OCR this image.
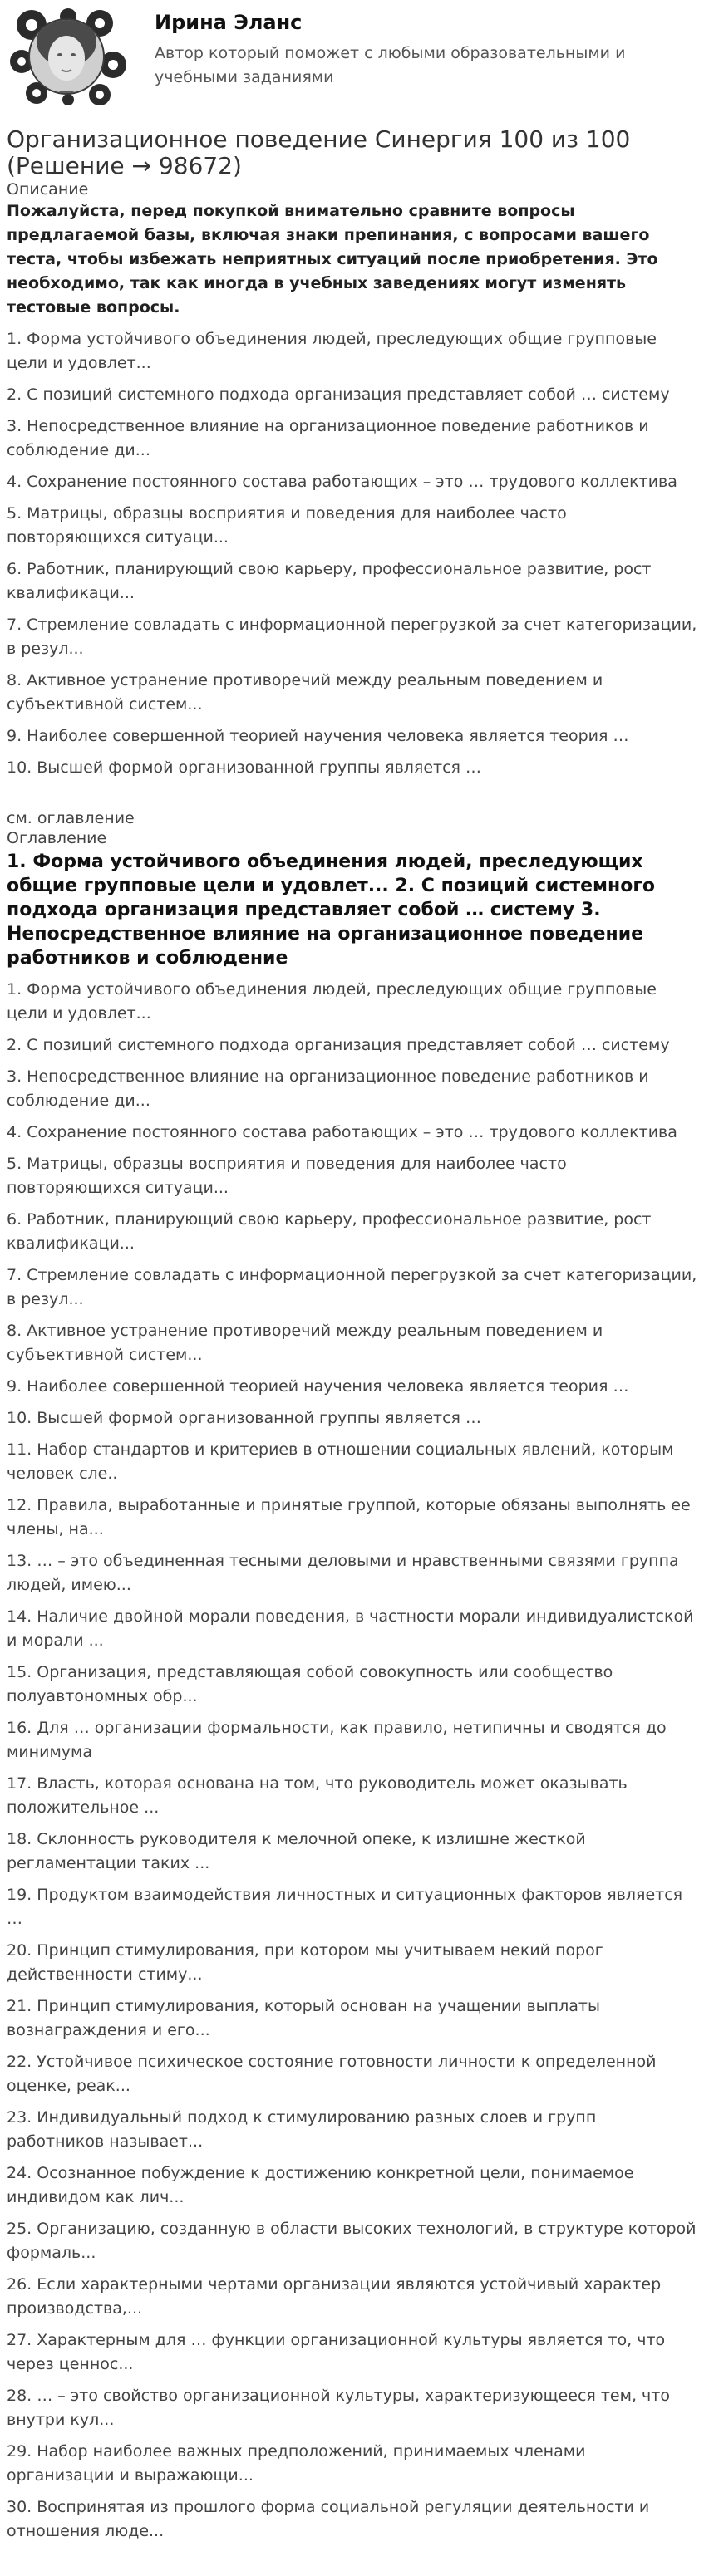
Ирина Эланс
Автор который поможет с любыми образовательными и учебными заданиями
Организационное поведение Синергия 100 из 100 (Решение → 98672)
Описание
Пожалуйста, перед покупкой внимательно сравните вопросы предлагаемой базы, включая знаки препинания, с вопросами вашего теста, чтобы избежать неприятных ситуаций после приобретения. Это необходимо, так как иногда в учебных заведениях могут изменять тестовые вопросы.
1. Форма устойчивого объединения людей, преследующих общие групповые цели и удовлет...
2. С позиций системного подхода организация представляет собой … систему
3. Непосредственное влияние на организационное поведение работников и соблюдение ди...
4. Сохранение постоянного состава работающих – это … трудового коллектива
5. Матрицы, образцы восприятия и поведения для наиболее часто повторяющихся ситуаци...
6. Работник, планирующий свою карьеру, профессиональное развитие, рост квалификаци...
7. Стремление совладать с информационной перегрузкой за счет категоризации, в резул...
8. Активное устранение противоречий между реальным поведением и субъективной систем...
9. Наиболее совершенной теорией научения человека является теория …
10. Высшей формой организованной группы является …
см. оглавление
Оглавление
1. Форма устойчивого объединения людей, преследующих общие групповые цели и удовлет... 2. С позиций системного подхода организация представляет собой … систему 3. Непосредственное влияние на организационное поведение работников и соблюдение
1. Форма устойчивого объединения людей, преследующих общие групповые цели и удовлет...
2. С позиций системного подхода организация представляет собой … систему
3. Непосредственное влияние на организационное поведение работников и соблюдение ди...
4. Сохранение постоянного состава работающих – это … трудового коллектива
5. Матрицы, образцы восприятия и поведения для наиболее часто повторяющихся ситуаци...
6. Работник, планирующий свою карьеру, профессиональное развитие, рост квалификаци...
7. Стремление совладать с информационной перегрузкой за счет категоризации, в резул...
8. Активное устранение противоречий между реальным поведением и субъективной систем...
9. Наиболее совершенной теорией научения человека является теория …
10. Высшей формой организованной группы является …
11. Набор стандартов и критериев в отношении социальных явлений, которым человек сле..
12. Правила, выработанные и принятые группой, которые обязаны выполнять ее члены, на...
13. … – это объединенная тесными деловыми и нравственными связями группа людей, имею...
14. Наличие двойной морали поведения, в частности морали индивидуалистской и морали ...
15. Организация, представляющая собой совокупность или сообщество полуавтономных обр...
16. Для … организации формальности, как правило, нетипичны и сводятся до минимума
17. Власть, которая основана на том, что руководитель может оказывать положительное ...
18. Склонность руководителя к мелочной опеке, к излишне жесткой регламентации таких ...
19. Продуктом взаимодействия личностных и ситуационных факторов является …
20. Принцип стимулирования, при котором мы учитываем некий порог действенности стиму...
21. Принцип стимулирования, который основан на учащении выплаты вознаграждения и его...
22. Устойчивое психическое состояние готовности личности к определенной оценке, реак...
23. Индивидуальный подход к стимулированию разных слоев и групп работников называет...
24. Осознанное побуждение к достижению конкретной цели, понимаемое индивидом как лич...
25. Организацию, созданную в области высоких технологий, в структуре которой формаль...
26. Если характерными чертами организации являются устойчивый характер производства,...
27. Характерным для … функции организационной культуры является то, что через ценнос...
28. … – это свойство организационной культуры, характеризующееся тем, что внутри кул...
29. Набор наиболее важных предположений, принимаемых членами организации и выражающи...
30. Воспринятая из прошлого форма социальной регуляции деятельности и отношения люде...
